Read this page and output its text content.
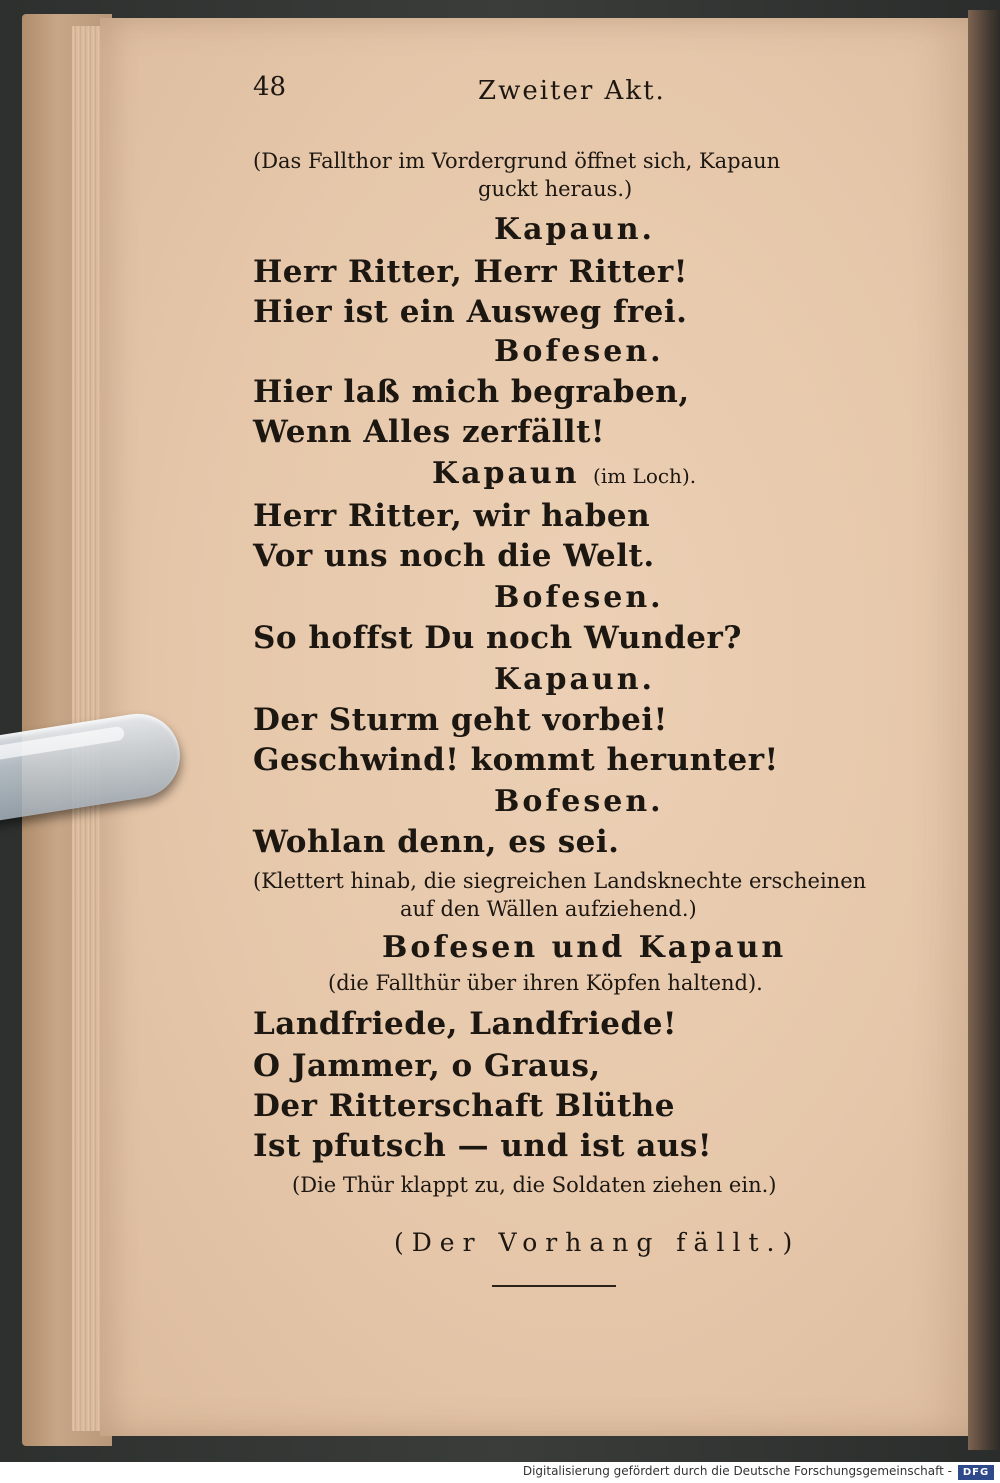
48	Zweiter Akt.
(Das Fallthor im Vordergrund öffnet sich, Kapaun
guckt heraus.)
Kapaun.
Herr Ritter, Herr Ritter!
Hier ist ein Ausweg frei.
Bofesen.
Hier laß mich begraben,
Wenn Alles zerfällt!
Kapaun (im Loch).
Herr Ritter, wir haben
Vor uns noch die Welt.
Bofesen.
So hoffst Du noch Wunder?
Kapaun.
Der Sturm geht vorbei!
Geschwind! kommt herunter!
Bofesen.
Wohlan denn, es sei.
(Klettert hinab, die siegreichen Landsknechte erscheinen
auf den Wällen aufziehend.)
Bofesen und Kapaun
(die Fallthür über ihren Köpfen haltend).
Landfriede, Landfriede!
O Jammer, o Graus,
Der Ritterschaft Blüthe
Ist pfutsch — und ist aus!
(Die Thür klappt zu, die Soldaten ziehen ein.)
(Der Vorhang fällt.)
Digitalisierung gefördert durch die Deutsche Forschungsgemeinschaft -	DFG
